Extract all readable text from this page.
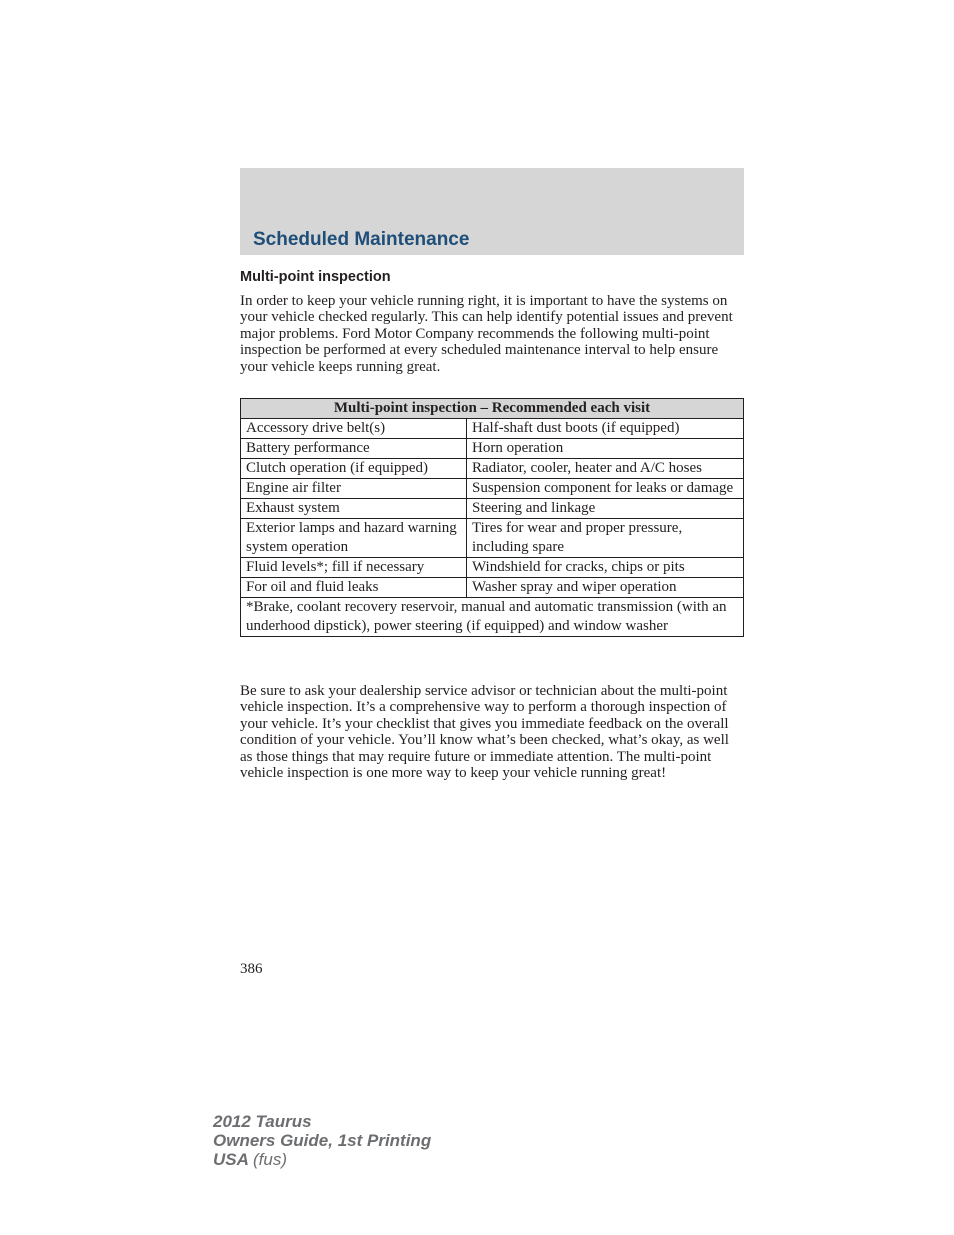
Scheduled Maintenance
Multi-point inspection

In order to keep your vehicle running right, it is important to have the systems on your vehicle checked regularly. This can help identify potential issues and prevent major problems. Ford Motor Company recommends the following multi-point inspection be performed at every scheduled maintenance interval to help ensure your vehicle keeps running great.

Multi-point inspection – Recommended each visit	
Accessory drive belt(s)	Half-shaft dust boots (if equipped)
Battery performance	Horn operation
Clutch operation (if equipped)	Radiator, cooler, heater and A/C hoses
Engine air filter	Suspension component for leaks or damage
Exhaust system	Steering and linkage
Exterior lamps and hazard warning system operation	Tires for wear and proper pressure, including spare
Fluid levels*; fill if necessary	Windshield for cracks, chips or pits
For oil and fluid leaks	Washer spray and wiper operation
*Brake, coolant recovery reservoir, manual and automatic transmission (with an underhood dipstick), power steering (if equipped) and window washer	

Be sure to ask your dealership service advisor or technician about the multi-point vehicle inspection. It’s a comprehensive way to perform a thorough inspection of your vehicle. It’s your checklist that gives you immediate feedback on the overall condition of your vehicle. You’ll know what’s been checked, what’s okay, as well as those things that may require future or immediate attention. The multi-point vehicle inspection is one more way to keep your vehicle running great!

386

2012 Taurus
Owners Guide, 1st Printing
USA (fus)
